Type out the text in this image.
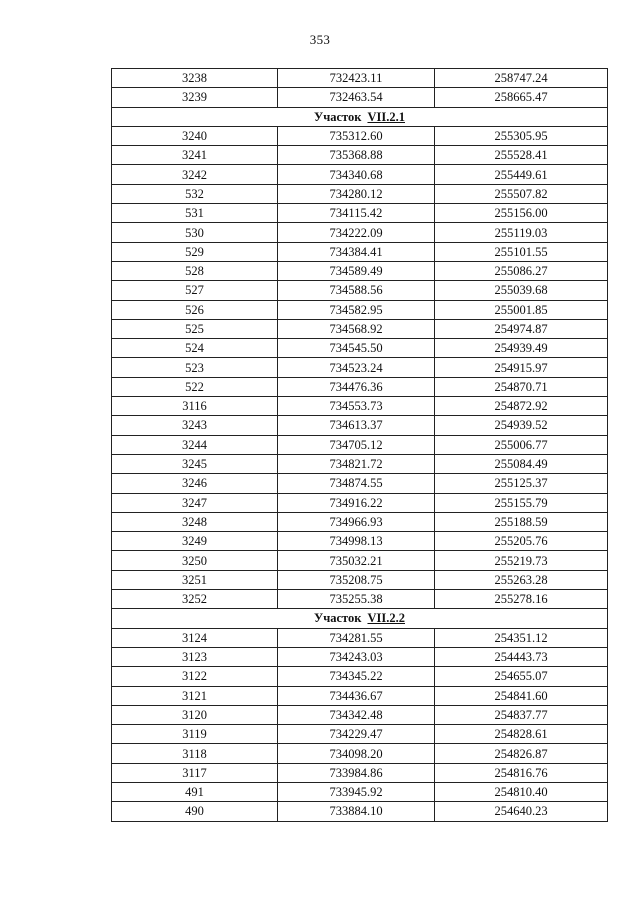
353
3238	732423.11	258747.24
3239	732463.54	258665.47
Участок VII.2.1		
3240	735312.60	255305.95
3241	735368.88	255528.41
3242	734340.68	255449.61
532	734280.12	255507.82
531	734115.42	255156.00
530	734222.09	255119.03
529	734384.41	255101.55
528	734589.49	255086.27
527	734588.56	255039.68
526	734582.95	255001.85
525	734568.92	254974.87
524	734545.50	254939.49
523	734523.24	254915.97
522	734476.36	254870.71
3116	734553.73	254872.92
3243	734613.37	254939.52
3244	734705.12	255006.77
3245	734821.72	255084.49
3246	734874.55	255125.37
3247	734916.22	255155.79
3248	734966.93	255188.59
3249	734998.13	255205.76
3250	735032.21	255219.73
3251	735208.75	255263.28
3252	735255.38	255278.16
Участок VII.2.2		
3124	734281.55	254351.12
3123	734243.03	254443.73
3122	734345.22	254655.07
3121	734436.67	254841.60
3120	734342.48	254837.77
3119	734229.47	254828.61
3118	734098.20	254826.87
3117	733984.86	254816.76
491	733945.92	254810.40
490	733884.10	254640.23
